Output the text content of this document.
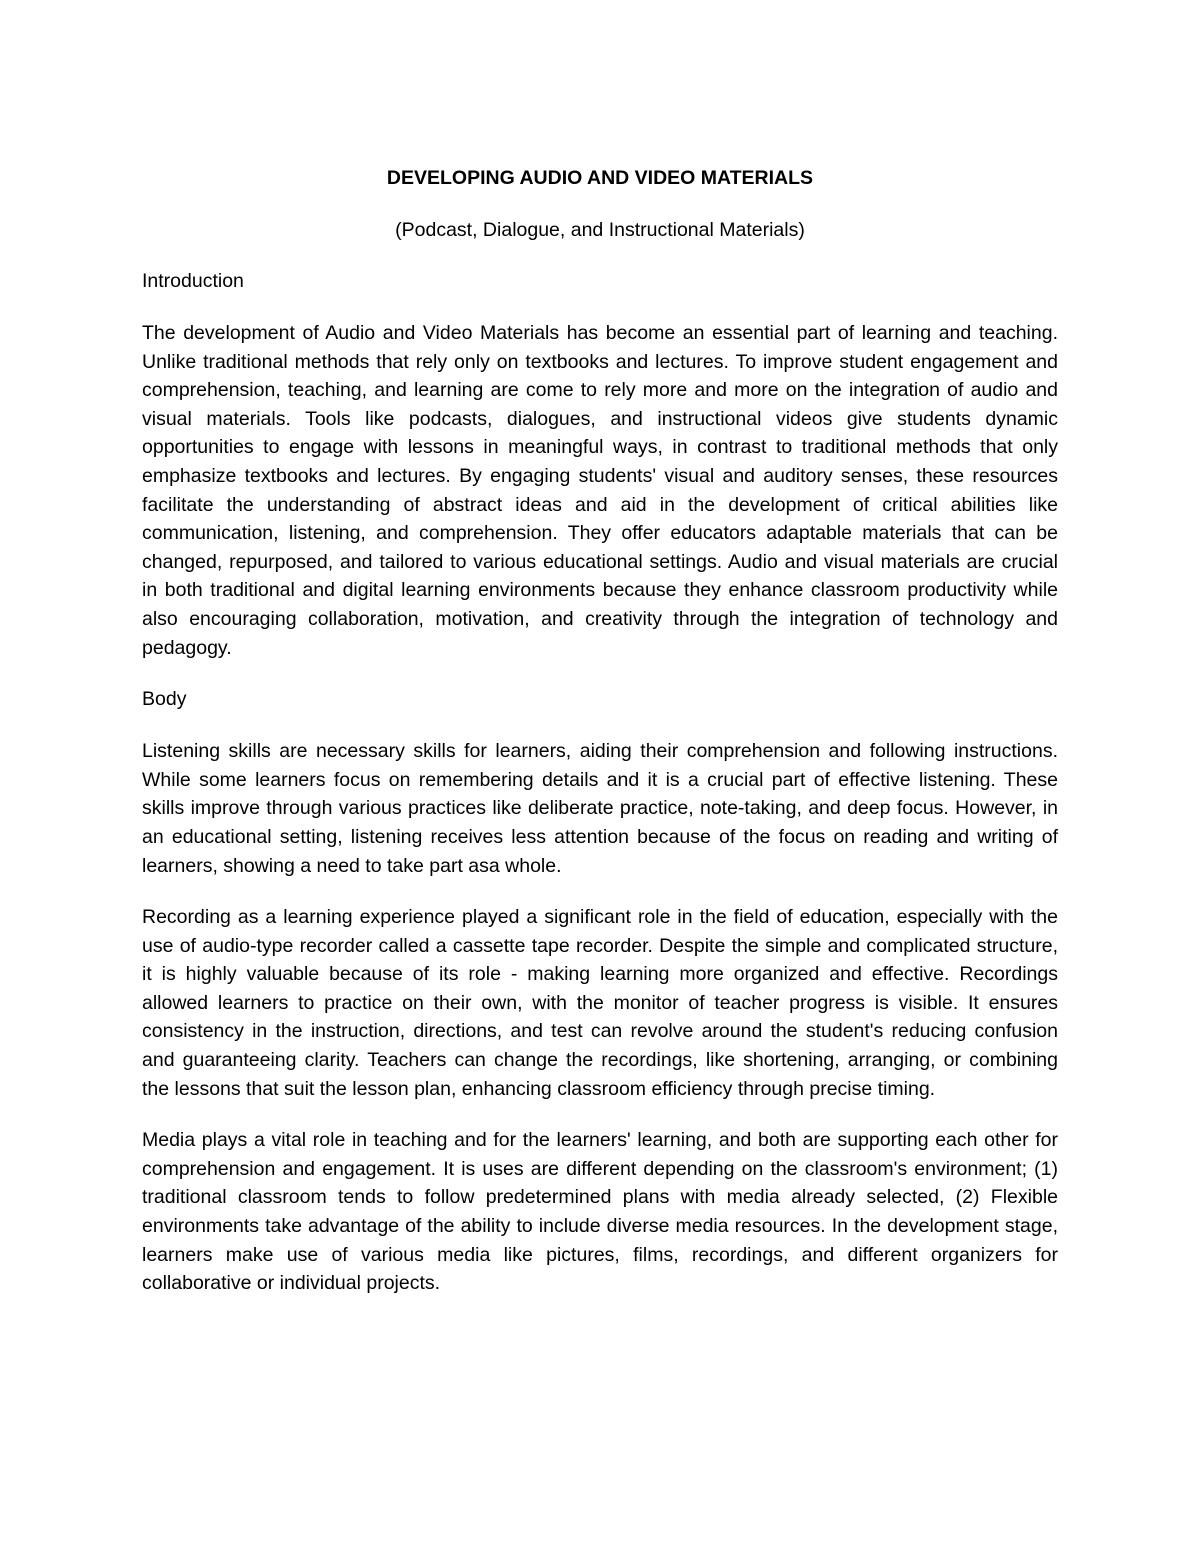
DEVELOPING AUDIO AND VIDEO MATERIALS
(Podcast, Dialogue, and Instructional Materials)
Introduction

The development of Audio and Video Materials has become an essential part of learning and teaching. Unlike traditional methods that rely only on textbooks and lectures. To improve student engagement and comprehension, teaching, and learning are come to rely more and more on the integration of audio and visual materials. Tools like podcasts, dialogues, and instructional videos give students dynamic opportunities to engage with lessons in meaningful ways, in contrast to traditional methods that only emphasize textbooks and lectures. By engaging students' visual and auditory senses, these resources facilitate the understanding of abstract ideas and aid in the development of critical abilities like communication, listening, and comprehension. They offer educators adaptable materials that can be changed, repurposed, and tailored to various educational settings. Audio and visual materials are crucial in both traditional and digital learning environments because they enhance classroom productivity while also encouraging collaboration, motivation, and creativity through the integration of technology and pedagogy.

Body

Listening skills are necessary skills for learners, aiding their comprehension and following instructions. While some learners focus on remembering details and it is a crucial part of effective listening. These skills improve through various practices like deliberate practice, note-taking, and deep focus. However, in an educational setting, listening receives less attention because of the focus on reading and writing of learners, showing a need to take part asa whole.

Recording as a learning experience played a significant role in the field of education, especially with the use of audio-type recorder called a cassette tape recorder. Despite the simple and complicated structure, it is highly valuable because of its role - making learning more organized and effective. Recordings allowed learners to practice on their own, with the monitor of teacher progress is visible. It ensures consistency in the instruction, directions, and test can revolve around the student's reducing confusion and guaranteeing clarity. Teachers can change the recordings, like shortening, arranging, or combining the lessons that suit the lesson plan, enhancing classroom efficiency through precise timing.

Media plays a vital role in teaching and for the learners' learning, and both are supporting each other for comprehension and engagement. It is uses are different depending on the classroom's environment; (1) traditional classroom tends to follow predetermined plans with media already selected, (2) Flexible environments take advantage of the ability to include diverse media resources. In the development stage, learners make use of various media like pictures, films, recordings, and different organizers for collaborative or individual projects.
